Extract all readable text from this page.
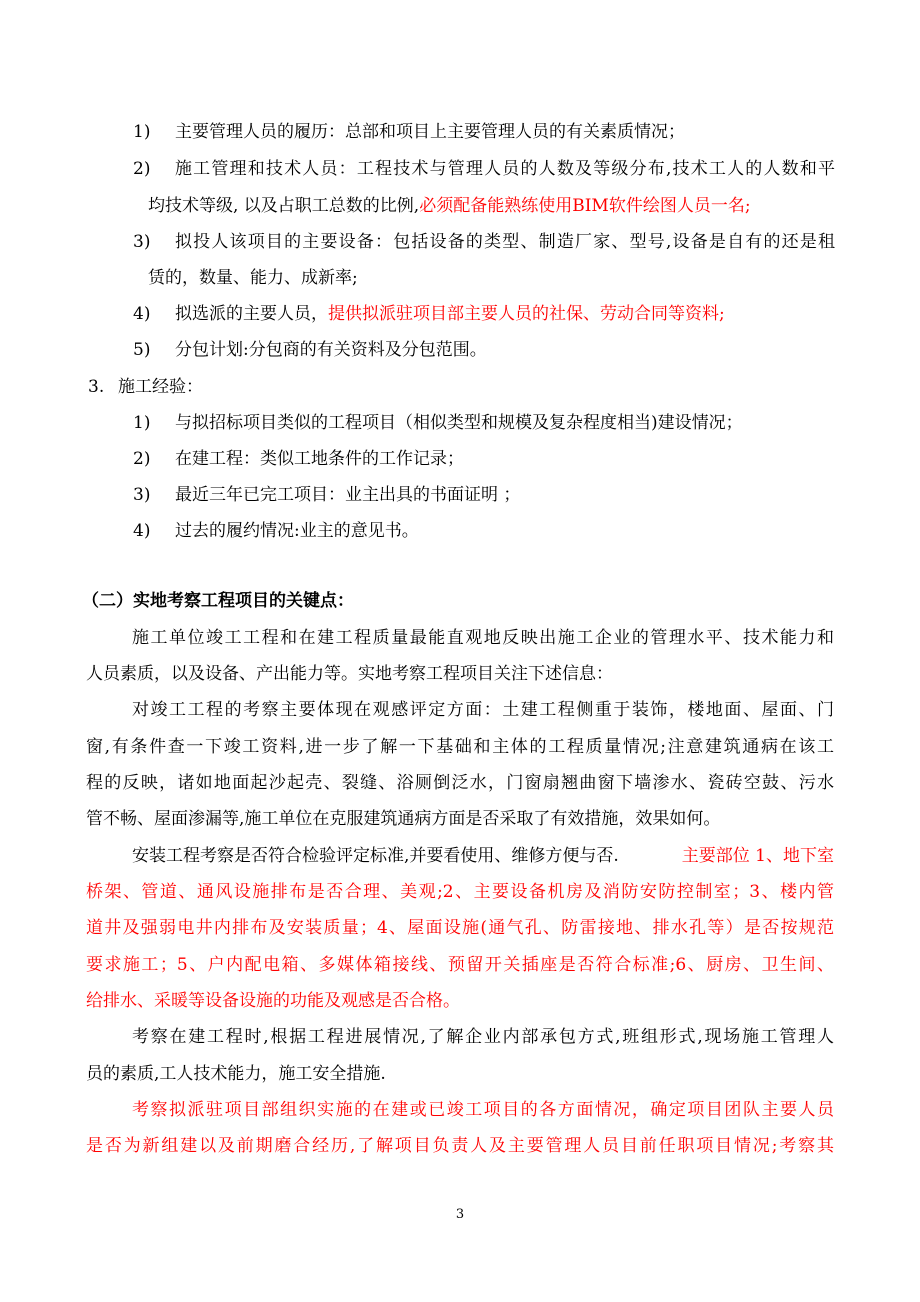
1) 主要管理人员的履历：总部和项目上主要管理人员的有关素质情况；
2) 施工管理和技术人员：工程技术与管理人员的人数及等级分布,技术工人的人数和平
均技术等级, 以及占职工总数的比例,必须配备能熟练使用BIM软件绘图人员一名;
3) 拟投人该项目的主要设备：包括设备的类型、制造厂家、型号,设备是自有的还是租
赁的，数量、能力、成新率;
4) 拟选派的主要人员，提供拟派驻项目部主要人员的社保、劳动合同等资料;
5) 分包计划:分包商的有关资料及分包范围。
3. 施工经验：
1) 与拟招标项目类似的工程项目（相似类型和规模及复杂程度相当)建设情况；
2) 在建工程：类似工地条件的工作记录；
3) 最近三年已完工项目：业主出具的书面证明 ；
4) 过去的履约情况:业主的意见书。
（二）实地考察工程项目的关键点：
施工单位竣工工程和在建工程质量最能直观地反映出施工企业的管理水平、技术能力和
人员素质，以及设备、产出能力等。实地考察工程项目关注下述信息：
对竣工工程的考察主要体现在观感评定方面：土建工程侧重于装饰，楼地面、屋面、门
窗,有条件查一下竣工资料,进一步了解一下基础和主体的工程质量情况;注意建筑通病在该工
程的反映，诸如地面起沙起壳、裂缝、浴厕倒泛水，门窗扇翘曲窗下墙渗水、瓷砖空鼓、污水
管不畅、屋面渗漏等,施工单位在克服建筑通病方面是否采取了有效措施，效果如何。
安装工程考察是否符合检验评定标准,并要看使用、维修方便与否.	主要部位 1、地下室
桥架、管道、通风设施排布是否合理、美观;2、主要设备机房及消防安防控制室；3、楼内管
道井及强弱电井内排布及安装质量；4、屋面设施(通气孔、防雷接地、排水孔等）是否按规范
要求施工；5、户内配电箱、多媒体箱接线、预留开关插座是否符合标准;6、厨房、卫生间、
给排水、采暖等设备设施的功能及观感是否合格。
考察在建工程时,根据工程进展情况,了解企业内部承包方式,班组形式,现场施工管理人
员的素质,工人技术能力，施工安全措施.
考察拟派驻项目部组织实施的在建或已竣工项目的各方面情况，确定项目团队主要人员
是否为新组建以及前期磨合经历,了解项目负责人及主要管理人员目前任职项目情况;考察其
3
